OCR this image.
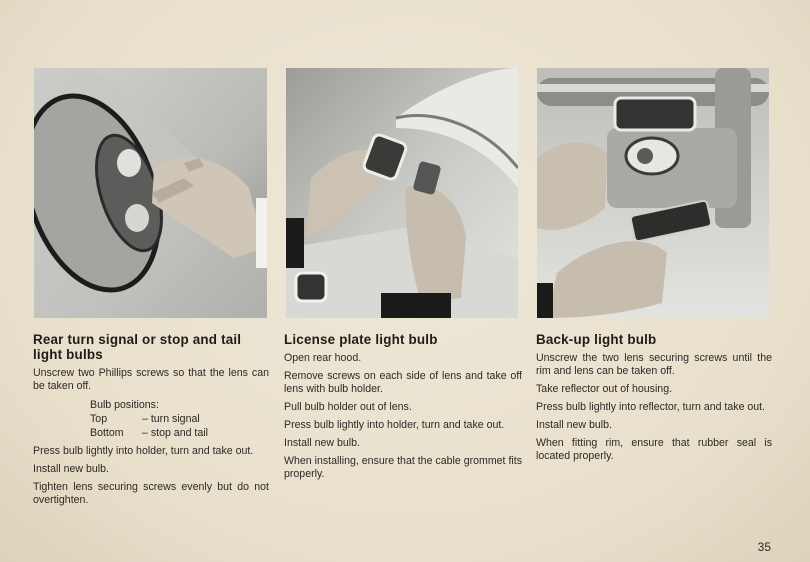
Rear turn signal or stop and tail light bulbs

Unscrew two Phillips screws so that the lens can be taken off.

Bulb positions:
Top	– turn signal
Bottom	– stop and tail

Press bulb lightly into holder, turn and take out.

Install new bulb.

Tighten lens securing screws evenly but do not overtighten.

License plate light bulb

Open rear hood.

Remove screws on each side of lens and take off lens with bulb holder.

Pull bulb holder out of lens.

Press bulb lightly into holder, turn and take out.

Install new bulb.

When installing, ensure that the cable grommet fits properly.

Back-up light bulb

Unscrew the two lens securing screws until the rim and lens can be taken off.

Take reflector out of housing.

Press bulb lightly into reflector, turn and take out.

Install new bulb.

When fitting rim, ensure that rubber seal is located properly.

35
